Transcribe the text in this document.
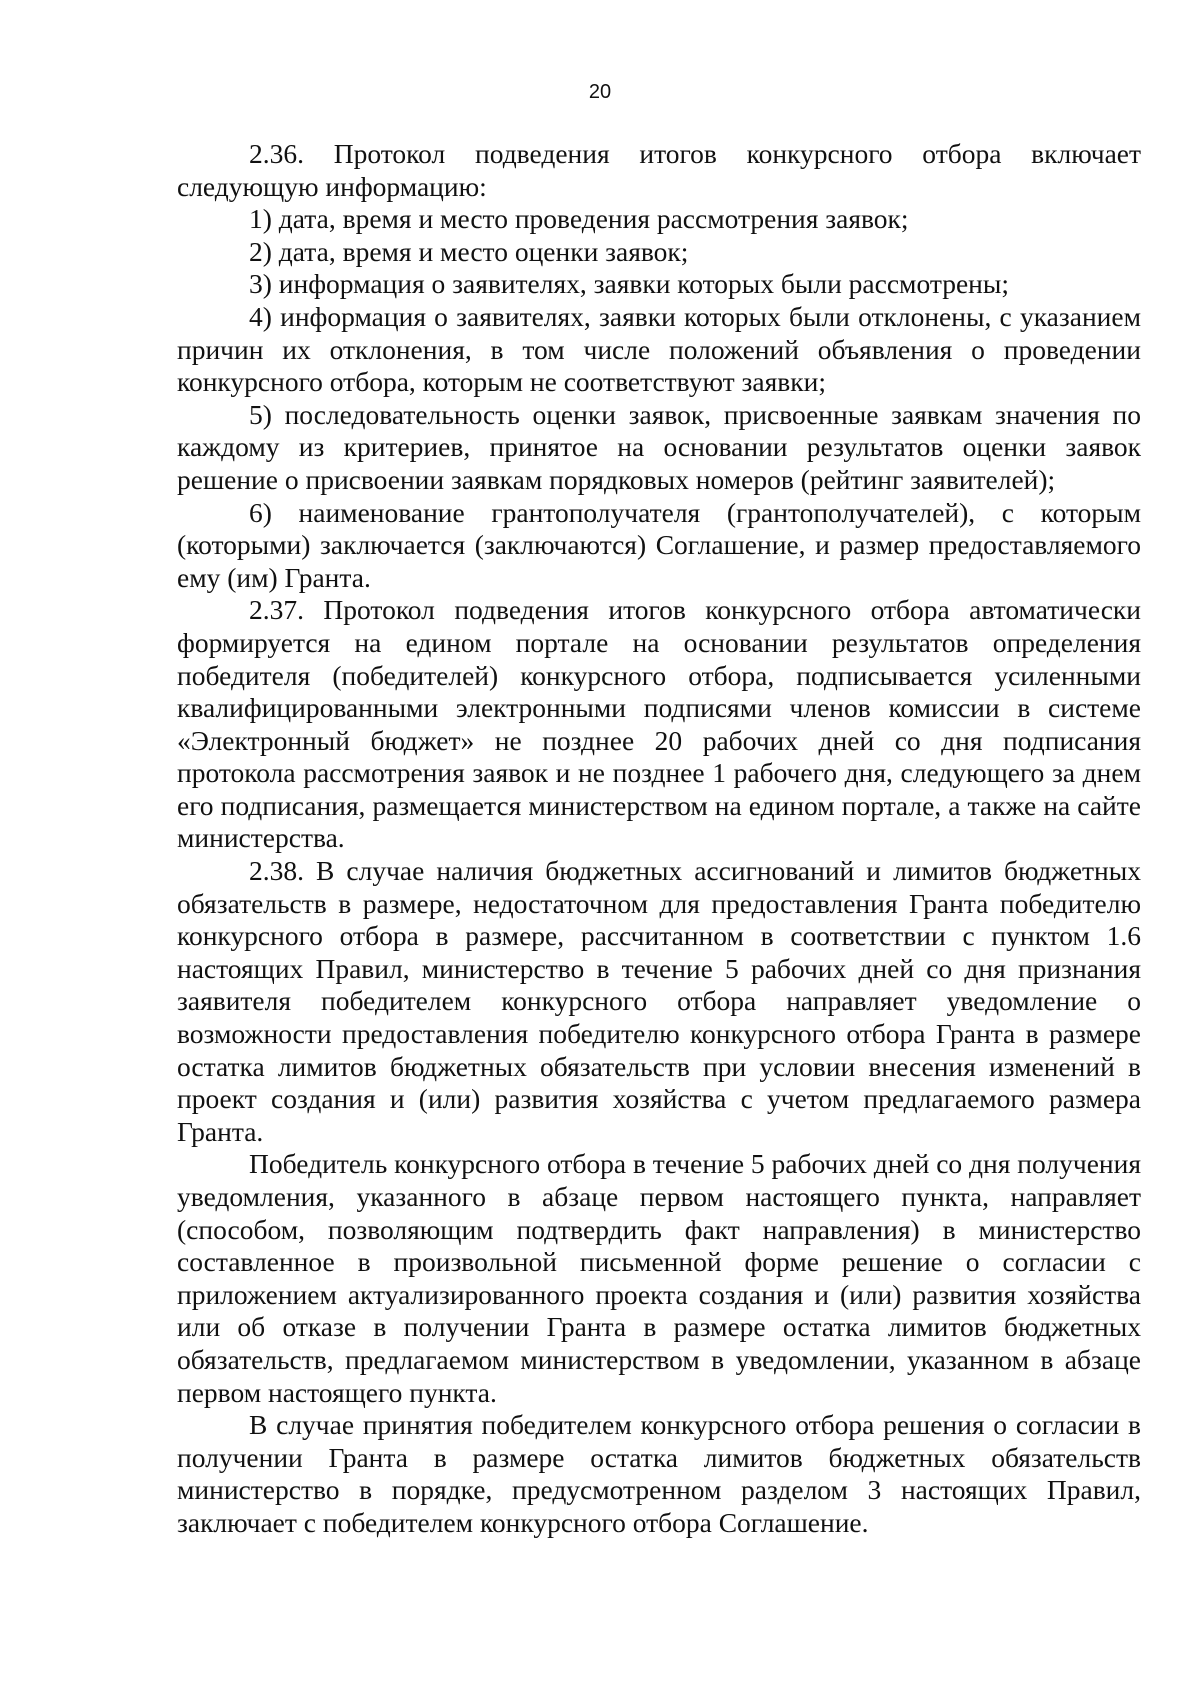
20

2.36. Протокол подведения итогов конкурсного отбора включает следующую информацию:

1) дата, время и место проведения рассмотрения заявок;

2) дата, время и место оценки заявок;

3) информация о заявителях, заявки которых были рассмотрены;

4) информация о заявителях, заявки которых были отклонены, с указанием причин их отклонения, в том числе положений объявления о проведении конкурсного отбора, которым не соответствуют заявки;

5) последовательность оценки заявок, присвоенные заявкам значения по каждому из критериев, принятое на основании результатов оценки заявок решение о присвоении заявкам порядковых номеров (рейтинг заявителей);

6) наименование грантополучателя (грантополучателей), с которым (которыми) заключается (заключаются) Соглашение, и размер предоставляемого ему (им) Гранта.

2.37. Протокол подведения итогов конкурсного отбора автоматически формируется на едином портале на основании результатов определения победителя (победителей) конкурсного отбора, подписывается усиленными квалифицированными электронными подписями членов комиссии в системе «Электронный бюджет» не позднее 20 рабочих дней со дня подписания протокола рассмотрения заявок и не позднее 1 рабочего дня, следующего за днем его подписания, размещается министерством на едином портале, а также на сайте министерства.

2.38. В случае наличия бюджетных ассигнований и лимитов бюджетных обязательств в размере, недостаточном для предоставления Гранта победителю конкурсного отбора в размере, рассчитанном в соответствии с пунктом 1.6 настоящих Правил, министерство в течение 5 рабочих дней со дня признания заявителя победителем конкурсного отбора направляет уведомление о возможности предоставления победителю конкурсного отбора Гранта в размере остатка лимитов бюджетных обязательств при условии внесения изменений в проект создания и (или) развития хозяйства с учетом предлагаемого размера Гранта.

Победитель конкурсного отбора в течение 5 рабочих дней со дня получения уведомления, указанного в абзаце первом настоящего пункта, направляет (способом, позволяющим подтвердить факт направления) в министерство составленное в произвольной письменной форме решение о согласии с приложением актуализированного проекта создания и (или) развития хозяйства или об отказе в получении Гранта в размере остатка лимитов бюджетных обязательств, предлагаемом министерством в уведомлении, указанном в абзаце первом настоящего пункта.

В случае принятия победителем конкурсного отбора решения о согласии в получении Гранта в размере остатка лимитов бюджетных обязательств министерство в порядке, предусмотренном разделом 3 настоящих Правил, заключает с победителем конкурсного отбора Соглашение.
